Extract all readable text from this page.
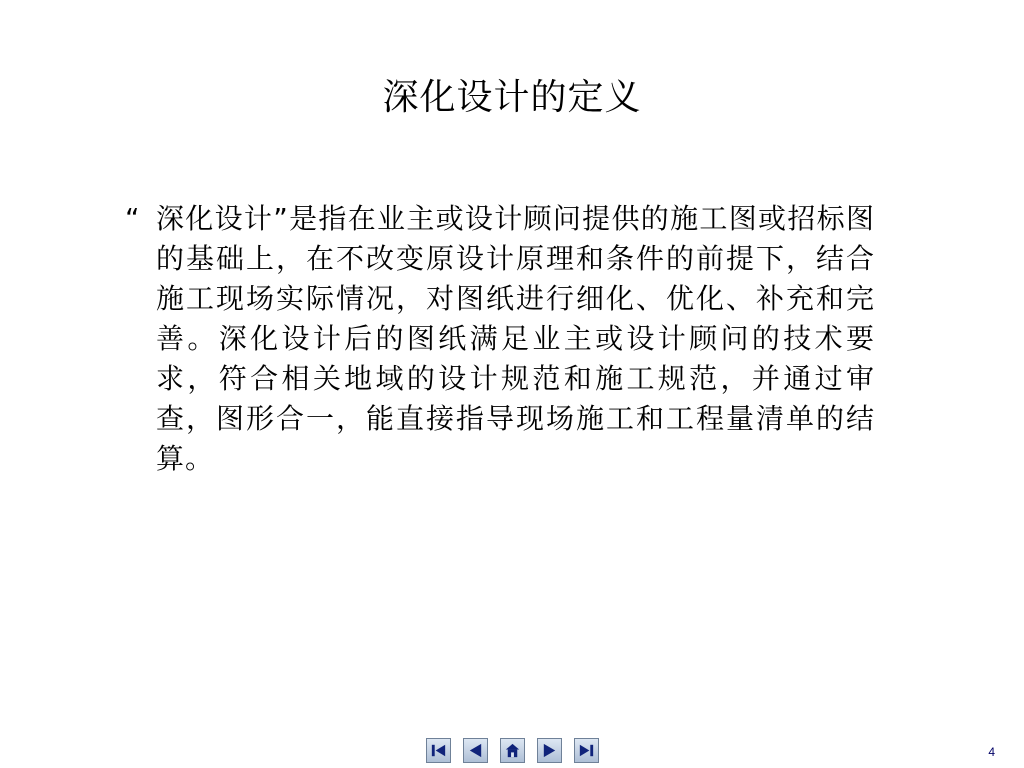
深化设计的定义
“ 深化设计”是指在业主或设计顾问提供的施工图或招标图的基础上，在不改变原设计原理和条件的前提下，结合施工现场实际情况，对图纸进行细化、优化、补充和完善。深化设计后的图纸满足业主或设计顾问的技术要求，符合相关地域的设计规范和施工规范，并通过审查，图形合一，能直接指导现场施工和工程量清单的结算。

4
